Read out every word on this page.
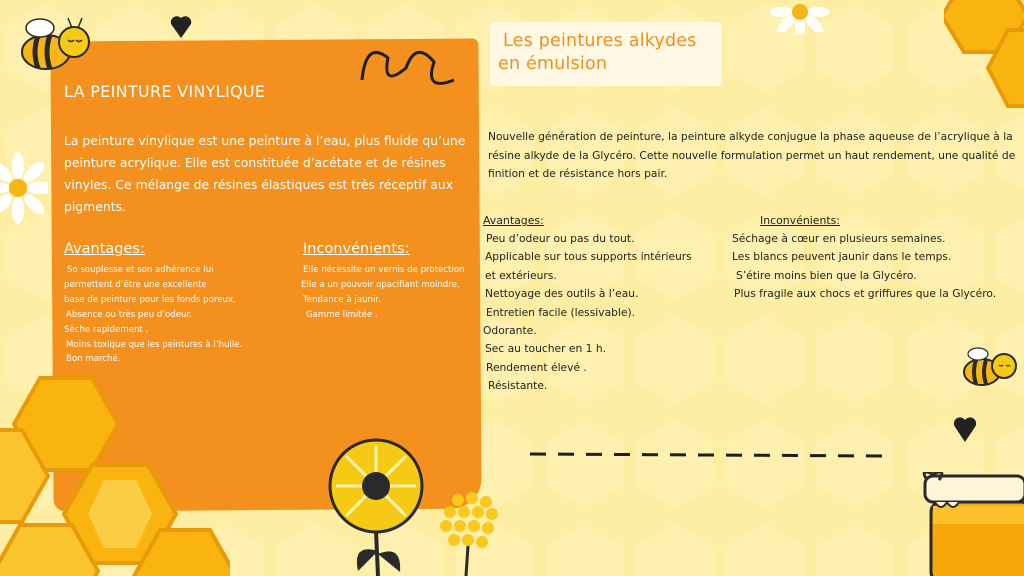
LA PEINTURE VINYLIQUE
La peinture vinylique est une peinture à l’eau, plus fluide qu’une peinture acrylique. Elle est constituée d’acétate et de résines vinyles. Ce mélange de résines élastiques est très réceptif aux pigments.
Avantages:
So souplesse et son adhérence lui
permettent d’être une excellente
base de peinture pour les fonds poreux.
Absence ou très peu d’odeur.
Sèche rapidement .
Moins toxique que les peintures à l’huile.
Bon marché.
Inconvénients:
Elle nécessite un vernis de protection
Elle a un pouvoir opacifiant moindre.
Tendance à jaunir.
Gamme limitée .
Les peintures alkydes
en émulsion
Nouvelle génération de peinture, la peinture alkyde conjugue la phase aqueuse de l’acrylique à la résine alkyde de la Glycéro. Cette nouvelle formulation permet un haut rendement, une qualité de finition et de résistance hors pair.
Avantages:
Peu d’odeur ou pas du tout.
Applicable sur tous supports intérieurs
et extérieurs.
Nettoyage des outils à l’eau.
Entretien facile (lessivable).
Odorante.
Sec au toucher en 1 h.
Rendement élevé .
Résistante.
Inconvénients:
Séchage à cœur en plusieurs semaines.
Les blancs peuvent jaunir dans le temps.
S’étire moins bien que la Glycéro.
Plus fragile aux chocs et griffures que la Glycéro.
